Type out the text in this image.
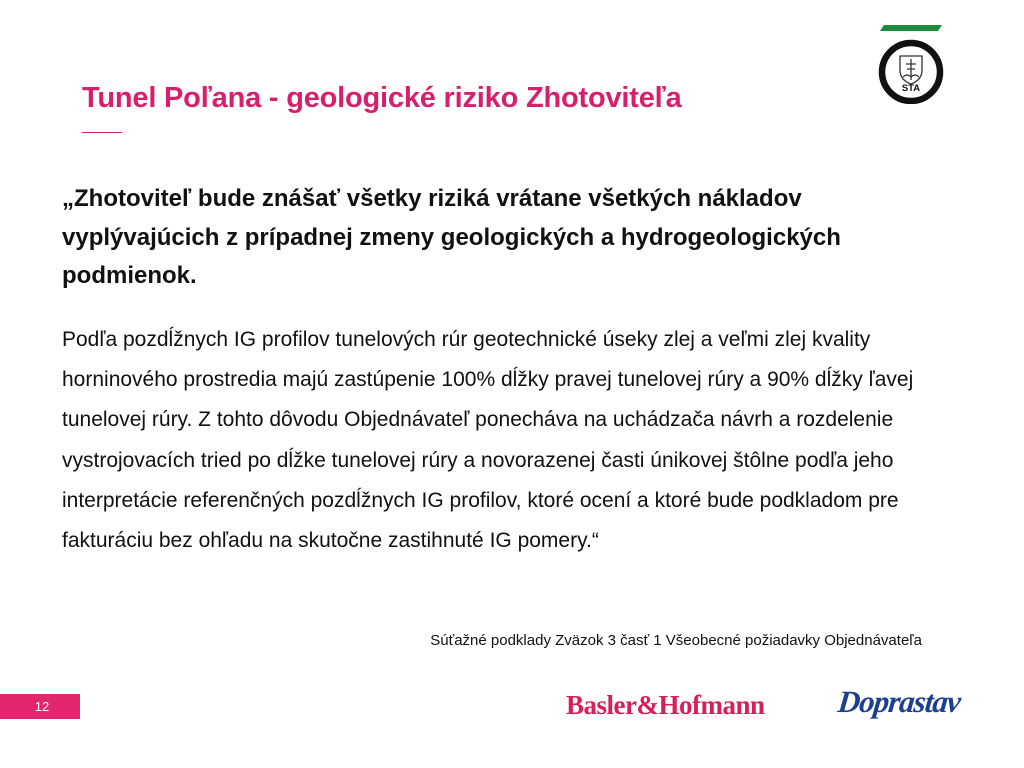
Tunel Poľana - geologické riziko Zhotoviteľa	STA
„Zhotoviteľ bude znášať všetky riziká vrátane všetkých nákladov vyplývajúcich z prípadnej zmeny geologických a hydrogeologických podmienok.
Podľa pozdĺžnych IG profilov tunelových rúr geotechnické úseky zlej a veľmi zlej kvality horninového prostredia majú zastúpenie 100% dĺžky pravej tunelovej rúry a 90% dĺžky ľavej tunelovej rúry. Z tohto dôvodu Objednávateľ ponecháva na uchádzača návrh a rozdelenie vystrojovacích tried po dĺžke tunelovej rúry a novorazenej časti únikovej štôlne podľa jeho interpretácie referenčných pozdĺžnych IG profilov, ktoré ocení a ktoré bude podkladom pre fakturáciu bez ohľadu na skutočne zastihnuté IG pomery.“
Súťažné podklady Zväzok 3 časť 1 Všeobecné požiadavky Objednávateľa
12	Basler&Hofmann Doprastav
